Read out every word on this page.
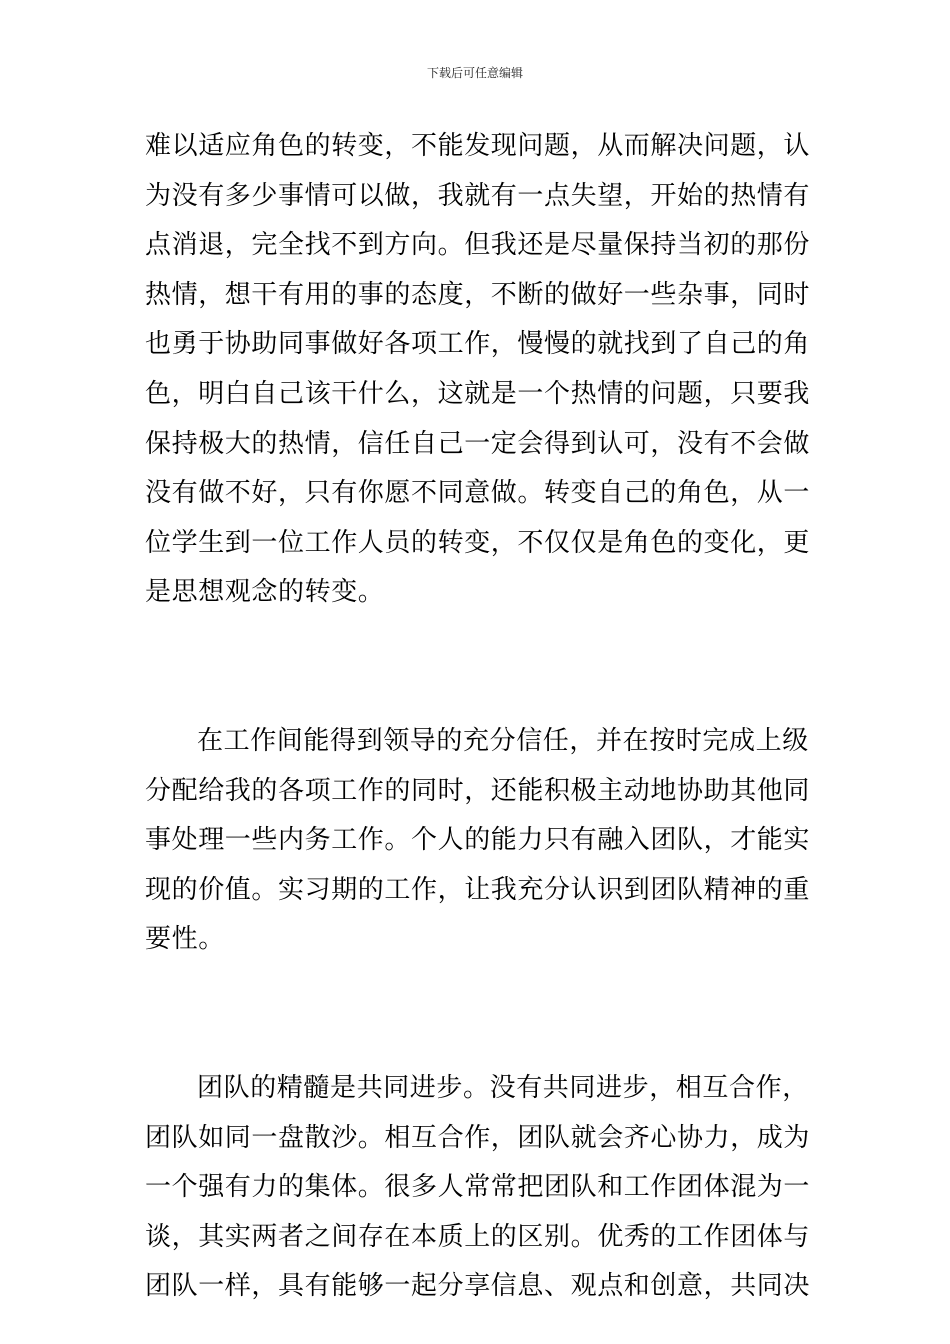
下载后可任意编辑

难以适应角色的转变，不能发现问题，从而解决问题，认
为没有多少事情可以做，我就有一点失望，开始的热情有
点消退，完全找不到方向。但我还是尽量保持当初的那份
热情，想干有用的事的态度，不断的做好一些杂事，同时
也勇于协助同事做好各项工作，慢慢的就找到了自己的角
色，明白自己该干什么，这就是一个热情的问题，只要我
保持极大的热情，信任自己一定会得到认可，没有不会做
没有做不好，只有你愿不同意做。转变自己的角色，从一
位学生到一位工作人员的转变，不仅仅是角色的变化，更
是思想观念的转变。

在工作间能得到领导的充分信任，并在按时完成上级
分配给我的各项工作的同时，还能积极主动地协助其他同
事处理一些内务工作。个人的能力只有融入团队，才能实
现的价值。实习期的工作，让我充分认识到团队精神的重
要性。

团队的精髓是共同进步。没有共同进步，相互合作，
团队如同一盘散沙。相互合作，团队就会齐心协力，成为
一个强有力的集体。很多人常常把团队和工作团体混为一
谈，其实两者之间存在本质上的区别。优秀的工作团体与
团队一样，具有能够一起分享信息、观点和创意，共同决
